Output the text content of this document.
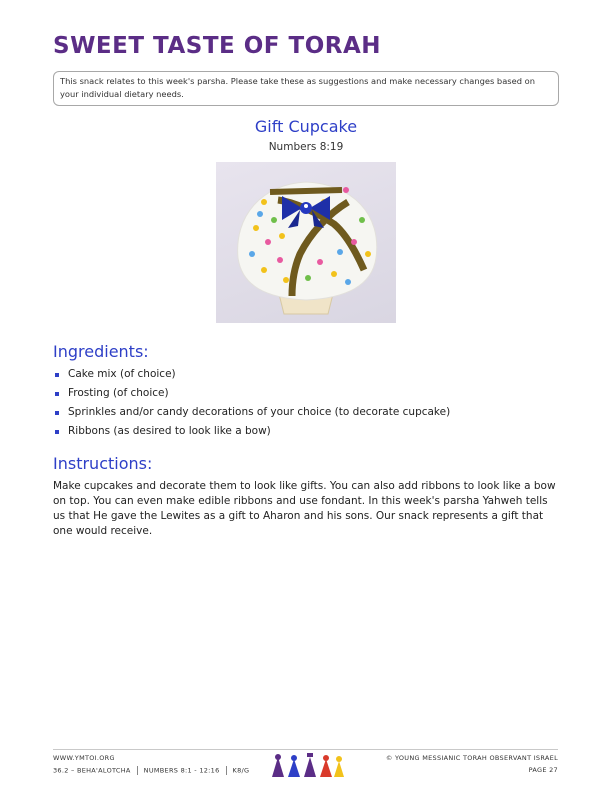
SWEET TASTE OF TORAH
This snack relates to this week's parsha. Please take these as suggestions and make necessary changes based on your individual dietary needs.
Gift Cupcake
Numbers 8:19
Ingredients:
Cake mix (of choice)
Frosting (of choice)
Sprinkles and/or candy decorations of your choice (to decorate cupcake)
Ribbons (as desired to look like a bow)
Instructions:

Make cupcakes and decorate them to look like gifts. You can also add ribbons to look like a bow on top. You can even make edible ribbons and use fondant. In this week's parsha Yahweh tells us that He gave the Lewites as a gift to Aharon and his sons. Our snack represents a gift that one would receive.

WWW.YMTOI.ORG
36.2 – BEHA'ALOTCHA NUMBERS 8:1 - 12:16 K8/G
© YOUNG MESSIANIC TORAH OBSERVANT ISRAEL
PAGE 27
